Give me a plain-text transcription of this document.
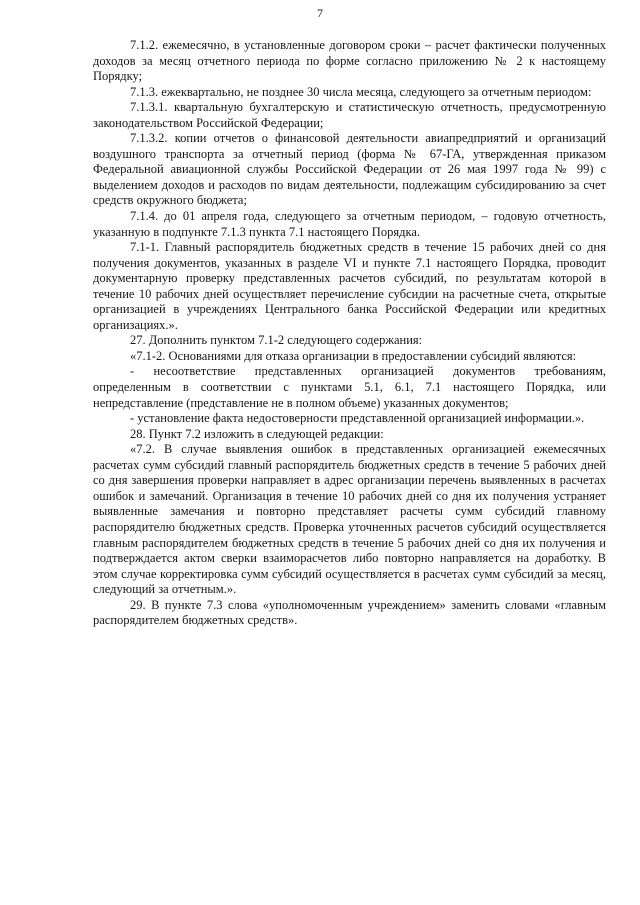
7

7.1.2. ежемесячно, в установленные договором сроки – расчет фактически полученных доходов за месяц отчетного периода по форме согласно приложению № 2 к настоящему Порядку;

7.1.3. ежеквартально, не позднее 30 числа месяца, следующего за отчетным периодом:

7.1.3.1. квартальную бухгалтерскую и статистическую отчетность, предусмотренную законодательством Российской Федерации;

7.1.3.2. копии отчетов о финансовой деятельности авиапредприятий и организаций воздушного транспорта за отчетный период (форма № 67-ГА, утвержденная приказом Федеральной авиационной службы Российской Федерации от 26 мая 1997 года № 99) с выделением доходов и расходов по видам деятельности, подлежащим субсидированию за счет средств окружного бюджета;

7.1.4. до 01 апреля года, следующего за отчетным периодом, – годовую отчетность, указанную в подпункте 7.1.3 пункта 7.1 настоящего Порядка.

7.1-1. Главный распорядитель бюджетных средств в течение 15 рабочих дней со дня получения документов, указанных в разделе VI и пункте 7.1 настоящего Порядка, проводит документарную проверку представленных расчетов субсидий, по результатам которой в течение 10 рабочих дней осуществляет перечисление субсидии на расчетные счета, открытые организацией в учреждениях Центрального банка Российской Федерации или кредитных организациях.».

27. Дополнить пунктом 7.1-2 следующего содержания:

«7.1-2. Основаниями для отказа организации в предоставлении субсидий являются:

- несоответствие представленных организацией документов требованиям, определенным в соответствии с пунктами 5.1, 6.1, 7.1 настоящего Порядка, или непредставление (представление не в полном объеме) указанных документов;

- установление факта недостоверности представленной организацией информации.».

28. Пункт 7.2 изложить в следующей редакции:

«7.2. В случае выявления ошибок в представленных организацией ежемесячных расчетах сумм субсидий главный распорядитель бюджетных средств в течение 5 рабочих дней со дня завершения проверки направляет в адрес организации перечень выявленных в расчетах ошибок и замечаний. Организация в течение 10 рабочих дней со дня их получения устраняет выявленные замечания и повторно представляет расчеты сумм субсидий главному распорядителю бюджетных средств. Проверка уточненных расчетов субсидий осуществляется главным распорядителем бюджетных средств в течение 5 рабочих дней со дня их получения и подтверждается актом сверки взаиморасчетов либо повторно направляется на доработку. В этом случае корректировка сумм субсидий осуществляется в расчетах сумм субсидий за месяц, следующий за отчетным.».

29. В пункте 7.3 слова «уполномоченным учреждением» заменить словами «главным распорядителем бюджетных средств».
